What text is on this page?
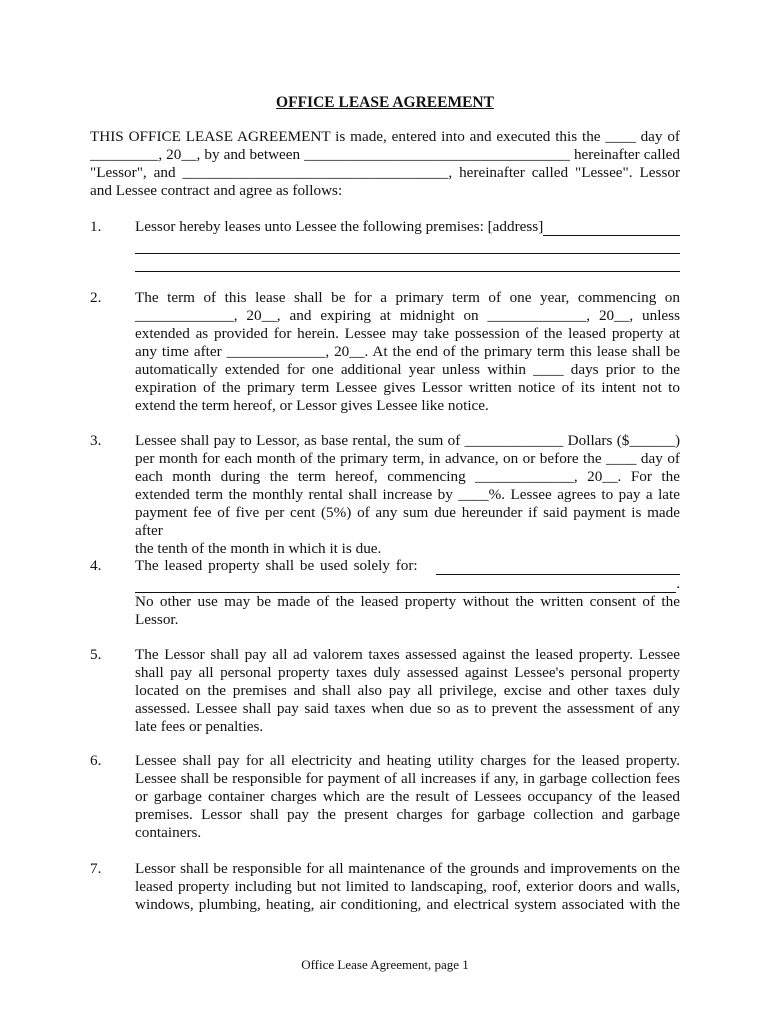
OFFICE LEASE AGREEMENT
THIS OFFICE LEASE AGREEMENT is made, entered into and executed this the ____ day of
_________, 20__, by and between ___________________________________ hereinafter called
"Lessor", and ___________________________________, hereinafter called "Lessee". Lessor
and Lessee contract and agree as follows:
1.	Lessor hereby leases unto Lessee the following premises: [address]
2.	The term of this lease shall be for a primary term of one year, commencing on
_____________, 20__, and expiring at midnight on _____________, 20__, unless
extended as provided for herein. Lessee may take possession of the leased property at
any time after _____________, 20__. At the end of the primary term this lease shall be
automatically extended for one additional year unless within ____ days prior to the
expiration of the primary term Lessee gives Lessor written notice of its intent not to
extend the term hereof, or Lessor gives Lessee like notice.
3.	Lessee shall pay to Lessor, as base rental, the sum of _____________ Dollars ($______)
per month for each month of the primary term, in advance, on or before the ____ day of
each month during the term hereof, commencing _____________, 20__. For the
extended term the monthly rental shall increase by ____%. Lessee agrees to pay a late
payment fee of five per cent (5%) of any sum due hereunder if said payment is made after
the tenth of the month in which it is due.
4.	The leased property shall be used solely for:
.
No other use may be made of the leased property without the written consent of the
Lessor.
5.	The Lessor shall pay all ad valorem taxes assessed against the leased property. Lessee
shall pay all personal property taxes duly assessed against Lessee's personal property
located on the premises and shall also pay all privilege, excise and other taxes duly
assessed. Lessee shall pay said taxes when due so as to prevent the assessment of any
late fees or penalties.
6.	Lessee shall pay for all electricity and heating utility charges for the leased property.
Lessee shall be responsible for payment of all increases if any, in garbage collection fees
or garbage container charges which are the result of Lessees occupancy of the leased
premises. Lessor shall pay the present charges for garbage collection and garbage
containers.
7.	Lessor shall be responsible for all maintenance of the grounds and improvements on the
leased property including but not limited to landscaping, roof, exterior doors and walls,
windows, plumbing, heating, air conditioning, and electrical system associated with the
Office Lease Agreement, page 1
